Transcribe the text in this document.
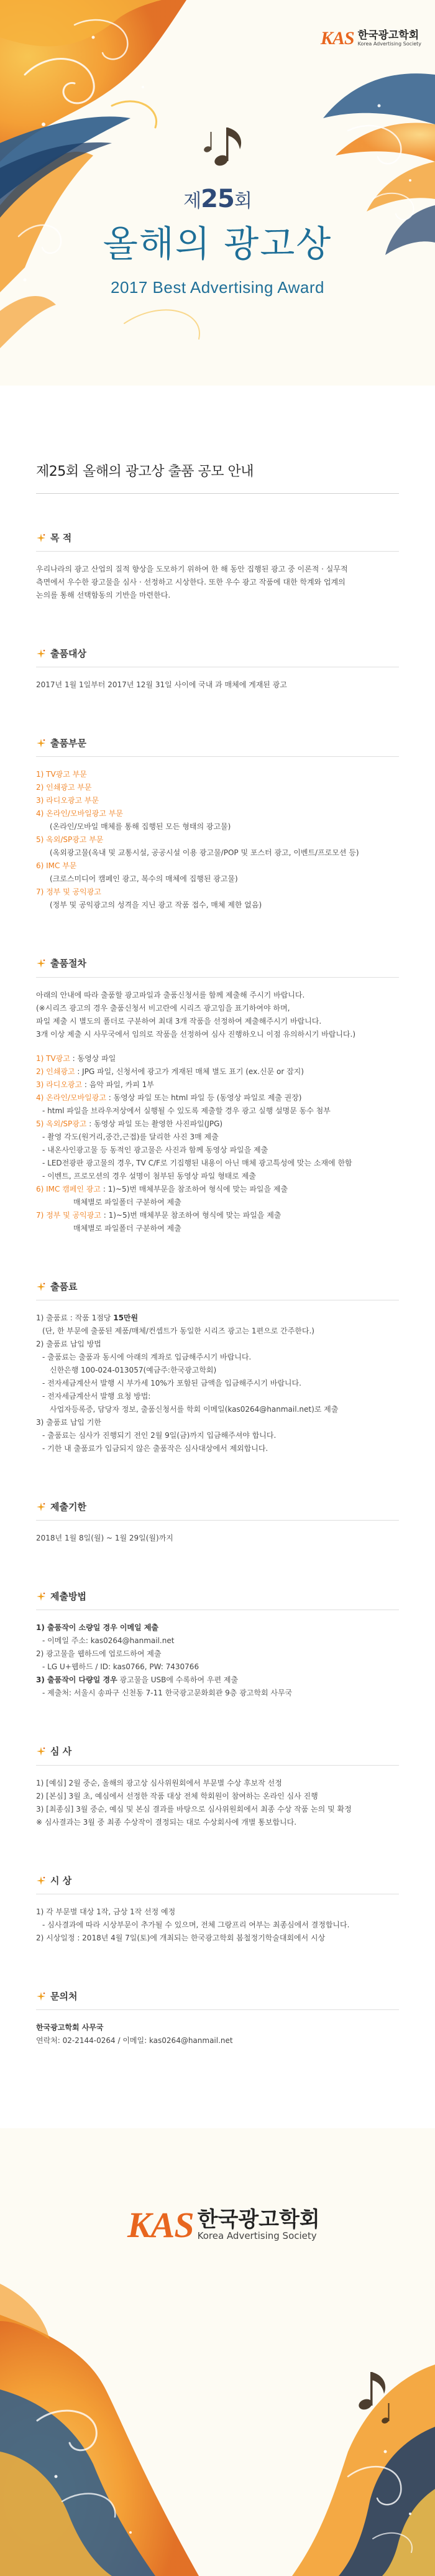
KAS 한국광고학회
Korea Advertising Society
제25회
올해의 광고상
2017 Best Advertising Award
제25회 올해의 광고상 출품 공모 안내
목 적

우리나라의 광고 산업의 질적 향상을 도모하기 위하여 한 해 동안 집행된 광고 중 이론적 · 실무적

측면에서 우수한 광고물을 심사 · 선정하고 시상한다. 또한 우수 광고 작품에 대한 학계와 업계의

논의를 통해 선택함동의 기반을 마련한다.

출품대상

2017년 1월 1일부터 2017년 12월 31일 사이에 국내 과 매체에 게재된 광고

출품부문

1) TV광고 부문

2) 인쇄광고 부문

3) 라디오광고 부문

4) 온라인/모바일광고 부문

(온라인/모바일 매체를 통해 집행된 모든 형태의 광고물)

5) 옥외/SP광고 부문

(옥외광고물(옥내 및 교통시설, 공공시설 이용 광고물/POP 및 포스터 광고, 이벤트/프로모션 등)

6) IMC 부문

(크로스미디어 캠페인 광고, 복수의 매체에 집행된 광고물)

7) 정부 및 공익광고

(정부 및 공익광고의 성격을 지닌 광고 작품 접수, 매체 제한 없음)

출품절차

아래의 안내에 따라 출품할 광고파일과 출품신청서를 함께 제출해 주시기 바랍니다.

(※시리즈 광고의 경우 출품신청서 비고란에 시리즈 광고임을 표기하여야 하며,

파일 제출 시 별도의 폴더로 구분하여 최대 3개 작품을 선정하여 제출해주시기 바랍니다.

3개 이상 제출 시 사무국에서 임의로 작품을 선정하여 심사 진행하오니 이점 유의하시기 바랍니다.)

1) TV광고 : 동영상 파일

2) 인쇄광고 : JPG 파일, 신청서에 광고가 게재된 매체 별도 표기 (ex.신문 or 잡지)

3) 라디오광고 : 음악 파일, 카피 1부

4) 온라인/모바일광고 : 동영상 파일 또는 html 파일 등 (동영상 파일로 제출 권장)

- html 파일을 브라우저상에서 실행될 수 있도록 제출할 경우 광고 실행 설명문 동수 첨부

5) 옥외/SP광고 : 동영상 파일 또는 촬영한 사진파일(JPG)

- 촬영 각도(원거리,중간,근접)를 달리한 사진 3매 제출

- 내온사인광고물 등 동적인 광고물은 사진과 함께 동영상 파일을 제출

- LED전광판 광고물의 경우, TV C/F로 기집행된 내용이 아닌 매체 광고특성에 맞는 소재에 한함

- 이벤트, 프로모션의 경우 설명이 첨부된 동영상 파일 형태로 제출

6) IMC 캠페인 광고 : 1)~5)번 매체부문을 참조하여 형식에 맞는 파일을 제출

매체별로 파일폴더 구분하여 제출

7) 정부 및 공익광고 : 1)~5)번 매체부문 참조하여 형식에 맞는 파일을 제출

매체별로 파일폴더 구분하여 제출

출품료

1) 출품료 : 작품 1점당 15만원

(단, 한 부문에 출품된 제품/매체/컨셉트가 동일한 시리즈 광고는 1편으로 간주한다.)

2) 출품료 납입 방법

- 출품료는 출품과 동시에 아래의 계좌로 입금해주시기 바랍니다.

신한은행 100-024-013057(예금주:한국광고학회)

- 전자세금계산서 발행 시 부가세 10%가 포함된 금액을 입금해주시기 바랍니다.

- 전자세금계산서 발행 요청 방법:

사업자등록증, 담당자 정보, 출품신청서를 학회 이메일(kas0264@hanmail.net)로 제출

3) 출품료 납입 기한

- 출품료는 심사가 진행되기 전인 2월 9일(금)까지 입금해주셔야 합니다.

- 기한 내 출품료가 입금되지 않은 출품작은 심사대상에서 제외합니다.

제출기한

2018년 1월 8일(월) ~ 1월 29일(월)까지

제출방법

1) 출품작이 소량일 경우 이메일 제출

- 이메일 주소: kas0264@hanmail.net

2) 광고물을 웹하드에 업로드하여 제출

- LG U+웹하드 / ID: kas0766, PW: 7430766

3) 출품작이 다량일 경우 광고물을 USB에 수록하여 우편 제출

- 제출처: 서울시 송파구 신천동 7-11 한국광고문화회관 9층 광고학회 사무국

심 사

1) [예심] 2월 중순, 올해의 광고상 심사위원회에서 부문별 수상 후보작 선정

2) [본심] 3월 초, 예심에서 선정한 작품 대상 전체 학회원이 참여하는 온라인 심사 진행

3) [최종심] 3월 중순, 예심 및 본심 결과를 바탕으로 심사위원회에서 최종 수상 작품 논의 및 확정

※ 심사결과는 3월 중 최종 수상작이 결정되는 대로 수상회사에 개별 통보합니다.

시 상

1) 각 부문별 대상 1작, 금상 1작 선정 예정

- 심사결과에 따라 시상부문이 추가될 수 있으며, 전체 그랑프리 여부는 최종심에서 결정합니다.

2) 시상일정 : 2018년 4월 7일(토)에 개최되는 한국광고학회 봄철정기학술대회에서 시상

문의처

한국광고학회 사무국

연락처: 02-2144-0264 / 이메일: kas0264@hanmail.net

KAS 한국광고학회
Korea Advertising Society
